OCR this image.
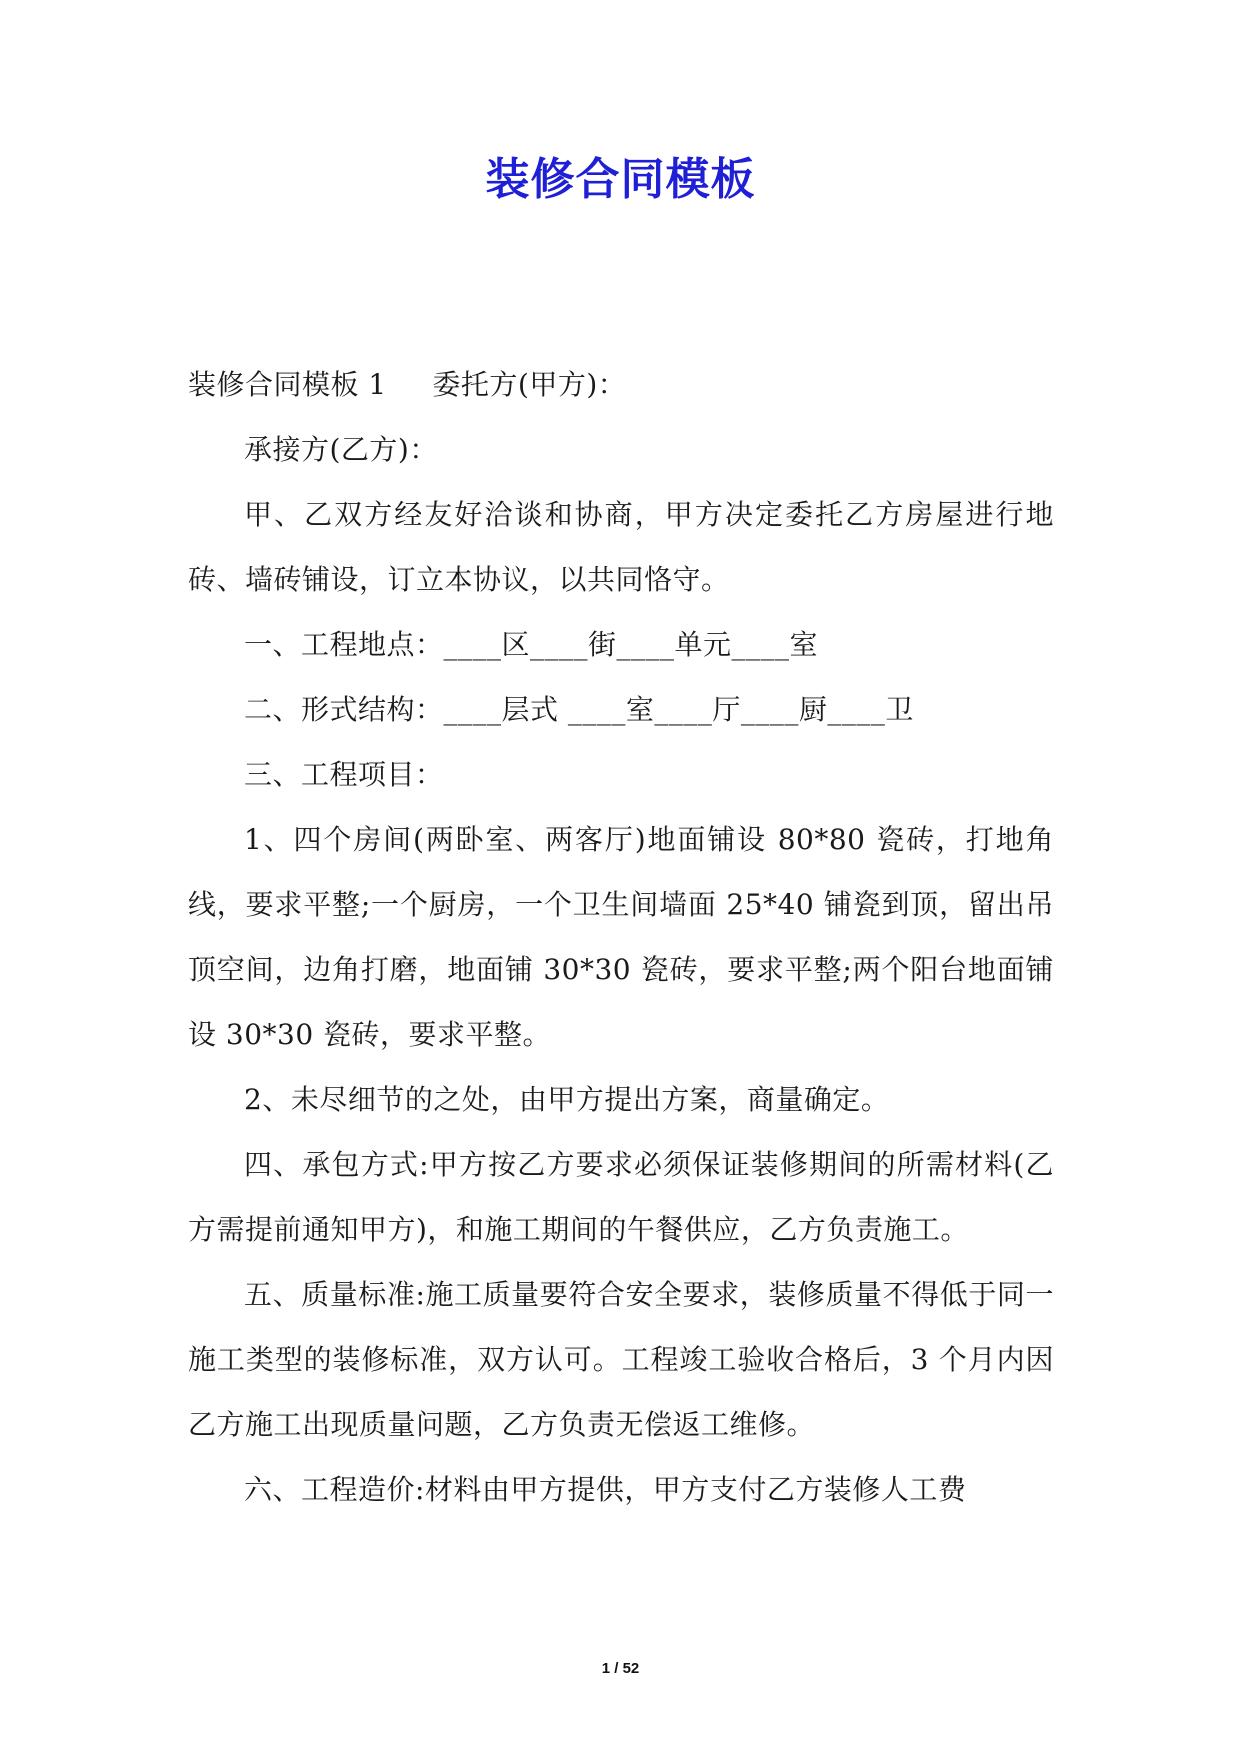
装修合同模板

装修合同模板 1	委托方(甲方)：

承接方(乙方)：

甲、乙双方经友好洽谈和协商，甲方决定委托乙方房屋进行地砖、墙砖铺设，订立本协议，以共同恪守。

一、工程地点：____区____街____单元____室

二、形式结构：____层式 ____室____厅____厨____卫

三、工程项目：

1、四个房间(两卧室、两客厅)地面铺设 80*80 瓷砖，打地角线，要求平整;一个厨房，一个卫生间墙面 25*40 铺瓷到顶，留出吊顶空间，边角打磨，地面铺 30*30 瓷砖，要求平整;两个阳台地面铺设 30*30 瓷砖，要求平整。

2、未尽细节的之处，由甲方提出方案，商量确定。

四、承包方式:甲方按乙方要求必须保证装修期间的所需材料(乙方需提前通知甲方)，和施工期间的午餐供应，乙方负责施工。

五、质量标准:施工质量要符合安全要求，装修质量不得低于同一施工类型的装修标准，双方认可。工程竣工验收合格后，3 个月内因乙方施工出现质量问题，乙方负责无偿返工维修。

六、工程造价:材料由甲方提供，甲方支付乙方装修人工费

1 / 52
